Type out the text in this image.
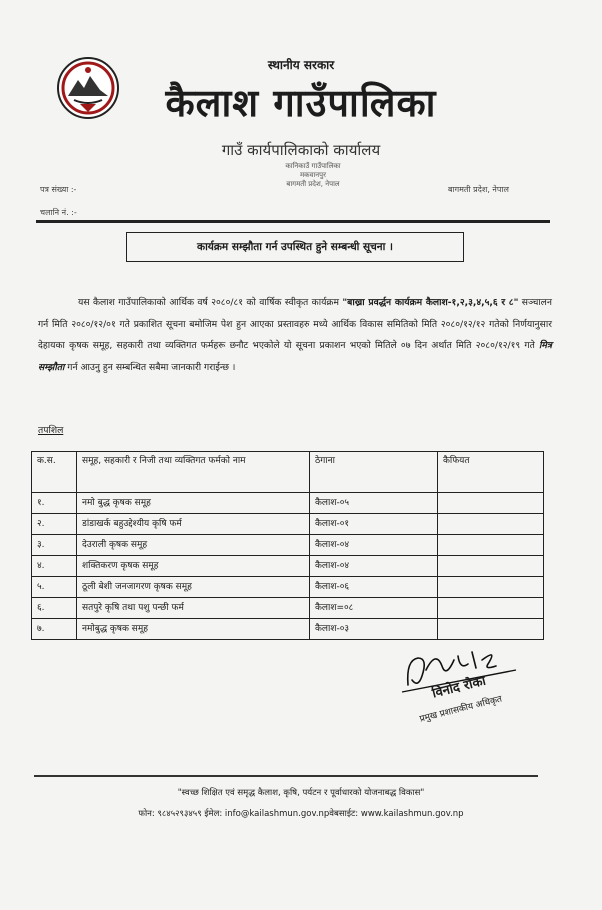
स्थानीय सरकार
कैलाश गाउँपालिका
गाउँ कार्यपालिकाको कार्यालय
कानिकाउँ गाउँपालिका
मकवानपुर
बागमती प्रदेश, नेपाल
पत्र संख्या :-
चलानि नं. :-
बागमती प्रदेश, नेपाल
कार्यक्रम सम्झौता गर्न उपस्थित हुने सम्बन्धी सूचना ।
यस कैलाश गाउँपालिकाको आर्थिक वर्ष २०८०/८१ को वार्षिक स्वीकृत कार्यक्रम "बाख्रा प्रवर्द्धन कार्यक्रम कैलाश-१,२,३,४,५,६ र ८" सञ्चालन गर्न मिति २०८०/१२/०१ गते प्रकाशित सूचना बमोजिम पेश हुन आएका प्रस्तावहरु मध्ये आर्थिक विकास समितिको मिति २०८०/१२/१२ गतेको निर्णयानुसार देहायका कृषक समूह, सहकारी तथा व्यक्तिगत फर्महरू छनौट भएकोले यो सूचना प्रकाशन भएको मितिले ०७ दिन अर्थात मिति २०८०/१२/१९ गते मित्र सम्झौता गर्न आउनु हुन सम्बन्धित सबैमा जानकारी गराईन्छ ।
तपशिल
क.स.	समूह, सहकारी र निजी तथा व्यक्तिगत फर्मको नाम	ठेगाना	कैफियत
१.	नमो बुद्ध कृषक समूह	कैलाश-०५	
२.	डांडाखर्क बहुउद्देश्यीय कृषि फर्म	कैलाश-०१	
३.	देउराली कृषक समूह	कैलाश-०४	
४.	शक्तिकरण कृषक समूह	कैलाश-०४	
५.	ठूली बेशी जनजागरण कृषक समूह	कैलाश-०६	
६.	सतपुरे कृषि तथा पशु पन्छी फर्म	कैलाश=०८	
७.	नमोबुद्ध कृषक समूह	कैलाश-०३	
विनोद रोका
प्रमुख प्रशासकीय अधिकृत
"स्वच्छ शिक्षित एवं समृद्ध कैलाश, कृषि, पर्यटन र पूर्वाधारको योजनाबद्ध विकास"
फोन: ९८४५२९३४५९ ईमेल: info@kailashmun.gov.npवेबसाईट: www.kailashmun.gov.np
